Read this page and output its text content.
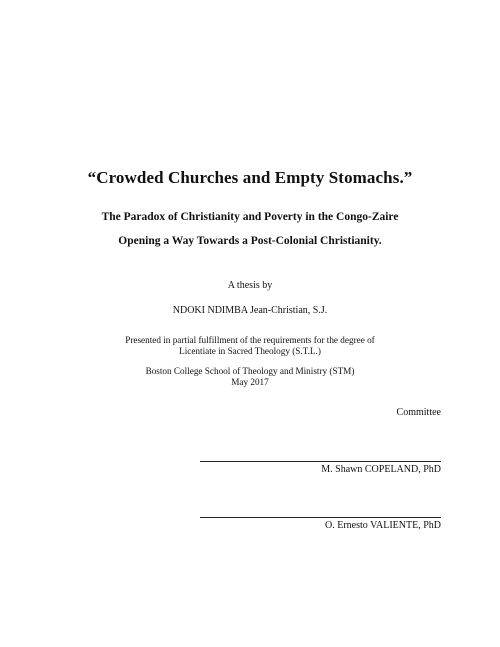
“Crowded Churches and Empty Stomachs.”
The Paradox of Christianity and Poverty in the Congo-Zaire
Opening a Way Towards a Post-Colonial Christianity.
A thesis by
NDOKI NDIMBA Jean-Christian, S.J.
Presented in partial fulfillment of the requirements for the degree of
Licentiate in Sacred Theology (S.T.L.)
Boston College School of Theology and Ministry (STM)
May 2017
Committee
M. Shawn COPELAND, PhD
O. Ernesto VALIENTE, PhD
